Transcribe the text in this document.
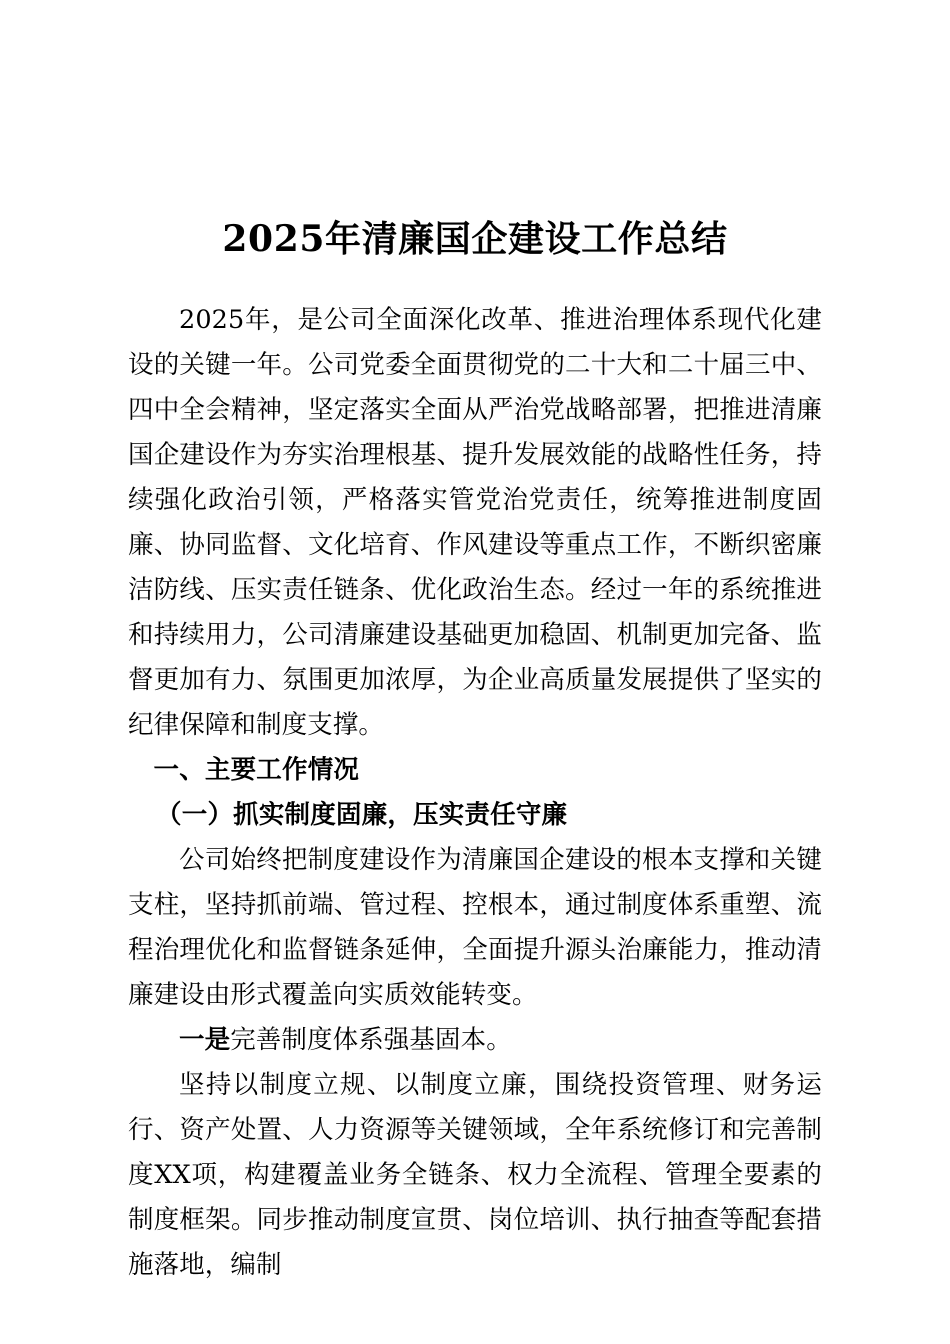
2025年清廉国企建设工作总结

2025年，是公司全面深化改革、推进治理体系现代化建设的关键一年。公司党委全面贯彻党的二十大和二十届三中、四中全会精神，坚定落实全面从严治党战略部署，把推进清廉国企建设作为夯实治理根基、提升发展效能的战略性任务，持续强化政治引领，严格落实管党治党责任，统筹推进制度固廉、协同监督、文化培育、作风建设等重点工作，不断织密廉洁防线、压实责任链条、优化政治生态。经过一年的系统推进和持续用力，公司清廉建设基础更加稳固、机制更加完备、监督更加有力、氛围更加浓厚，为企业高质量发展提供了坚实的纪律保障和制度支撑。

一、主要工作情况

（一）抓实制度固廉，压实责任守廉

公司始终把制度建设作为清廉国企建设的根本支撑和关键支柱，坚持抓前端、管过程、控根本，通过制度体系重塑、流程治理优化和监督链条延伸，全面提升源头治廉能力，推动清廉建设由形式覆盖向实质效能转变。

一是完善制度体系强基固本。

坚持以制度立规、以制度立廉，围绕投资管理、财务运行、资产处置、人力资源等关键领域，全年系统修订和完善制度XX项，构建覆盖业务全链条、权力全流程、管理全要素的制度框架。同步推动制度宣贯、岗位培训、执行抽查等配套措施落地，编制
